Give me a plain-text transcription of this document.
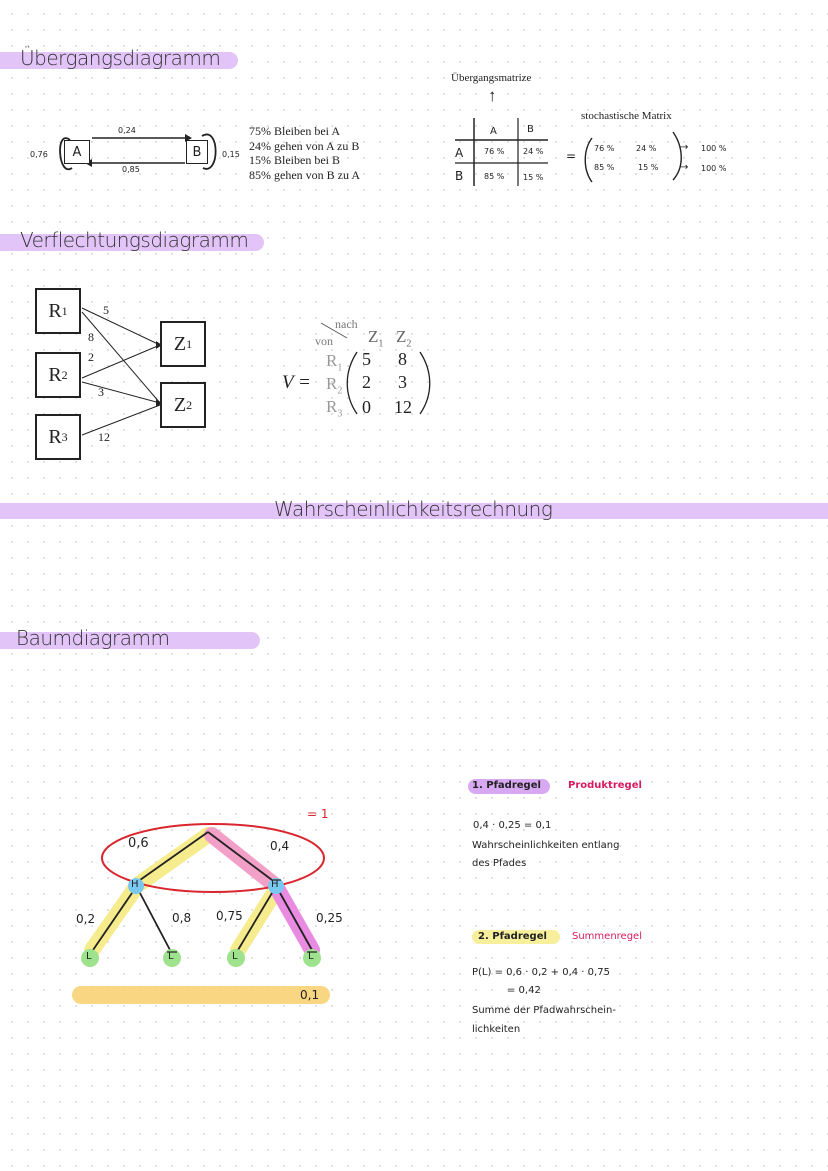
Übergangsdiagramm
A	B
0,76	0,15
0,24
0,85
75% Bleiben bei A
24% gehen von A zu B
15% Bleiben bei B
85% gehen von B zu A
Übergangsmatrize
↑
A	B
A
B
76 % 24 %
85 % 15 %
=
stochastische Matrix
76 %	24 %
85 %	15 %
→
→
100 %
100 %
Verflechtungsdiagramm
R 1
R 2
R 3
Z 1
Z 2
5
8
2
3
12
V =
nach
von $Z_1$ $Z_2$
$R_1$
$R_2$
$R_3$
5 8
2 3
0 12
Wahrscheinlichkeitsrechnung
Baumdiagramm
0,6	0,4
= 1
H	H
0,2	0,8 0,75	0,25
L	L	L	L
0,1
1. Pfadregel	Produktregel
0,4 · 0,25 = 0,1
Wahrscheinlichkeiten entlang
des Pfades
2. Pfadregel	Summenregel
P(L) = 0,6 · 0,2 + 0,4 · 0,75
= 0,42
Summe der Pfadwahrschein-
lichkeiten
